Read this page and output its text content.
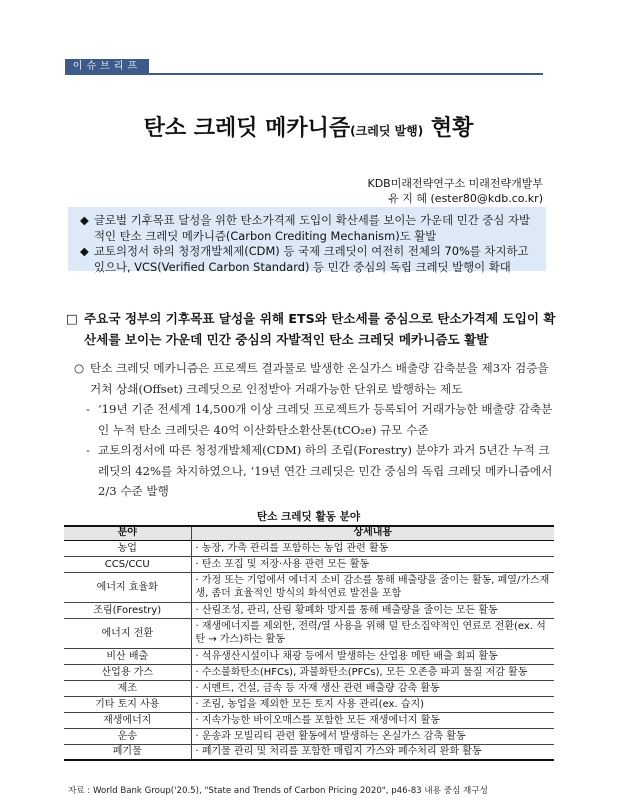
이슈브리프
탄소 크레딧 메카니즘(크레딧 발행) 현황
KDB미래전략연구소 미래전략개발부
유 지 혜 (ester80@kdb.co.kr)
◆ 글로벌 기후목표 달성을 위한 탄소가격제 도입이 확산세를 보이는 가운데 민간 중심 자발적인 탄소 크레딧 메카니즘(Carbon Crediting Mechanism)도 활발
◆ 교토의정서 하의 청정개발체제(CDM) 등 국제 크레딧이 여전히 전체의 70%를 차지하고 있으나, VCS(Verified Carbon Standard) 등 민간 중심의 독립 크레딧 발행이 확대
□ 주요국 정부의 기후목표 달성을 위해 ETS와 탄소세를 중심으로 탄소가격제 도입이 확산세를 보이는 가운데 민간 중심의 자발적인 탄소 크레딧 메카니즘도 활발
○ 탄소 크레딧 메카니즘은 프로젝트 결과물로 발생한 온실가스 배출량 감축분을 제3자 검증을 거쳐 상쇄(Offset) 크레딧으로 인정받아 거래가능한 단위로 발행하는 제도
- ‘19년 기준 전세계 14,500개 이상 크레딧 프로젝트가 등록되어 거래가능한 배출량 감축분인 누적 탄소 크레딧은 40억 이산화탄소환산톤(tCO₂e) 규모 수준
- 교토의정서에 따른 청정개발체제(CDM) 하의 조림(Forestry) 분야가 과거 5년간 누적 크레딧의 42%를 차지하였으나, ‘19년 연간 크레딧은 민간 중심의 독립 크레딧 메카니즘에서 2/3 수준 발행
탄소 크레딧 활동 분야
분야	상세내용
농업	· 농장, 가축 관리를 포함하는 농업 관련 활동
CCS/CCU	· 탄소 포집 및 저장·사용 관련 모든 활동
에너지 효율화	· 가정 또는 기업에서 에너지 소비 감소를 통해 배출량을 줄이는 활동, 폐열/가스재생, 좀더 효율적인 방식의 화석연료 발전을 포함
조림(Forestry)	· 산림조성, 관리, 산림 황폐화 방지를 통해 배출량을 줄이는 모든 활동
에너지 전환	· 재생에너지를 제외한, 전력/열 사용을 위해 덜 탄소집약적인 연료로 전환(ex. 석탄 → 가스)하는 활동
비산 배출	· 석유생산시설이나 채광 등에서 발생하는 산업용 메탄 배출 회피 활동
산업용 가스	· 수소불화탄소(HFCs), 과불화탄소(PFCs), 모든 오존층 파괴 물질 저감 활동
제조	· 시멘트, 건설, 금속 등 자재 생산 관련 배출량 감축 활동
기타 토지 사용	· 조림, 농업을 제외한 모든 토지 사용 관리(ex. 습지)
재생에너지	· 지속가능한 바이오매스를 포함한 모든 재생에너지 활동
운송	· 운송과 모빌리티 관련 활동에서 발생하는 온실가스 감축 활동
폐기물	· 폐기물 관리 및 처리를 포함한 매립지 가스와 폐수처리 완화 활동
자료 : World Bank Group('20.5), "State and Trends of Carbon Pricing 2020", p46-83 내용 중심 재구성
